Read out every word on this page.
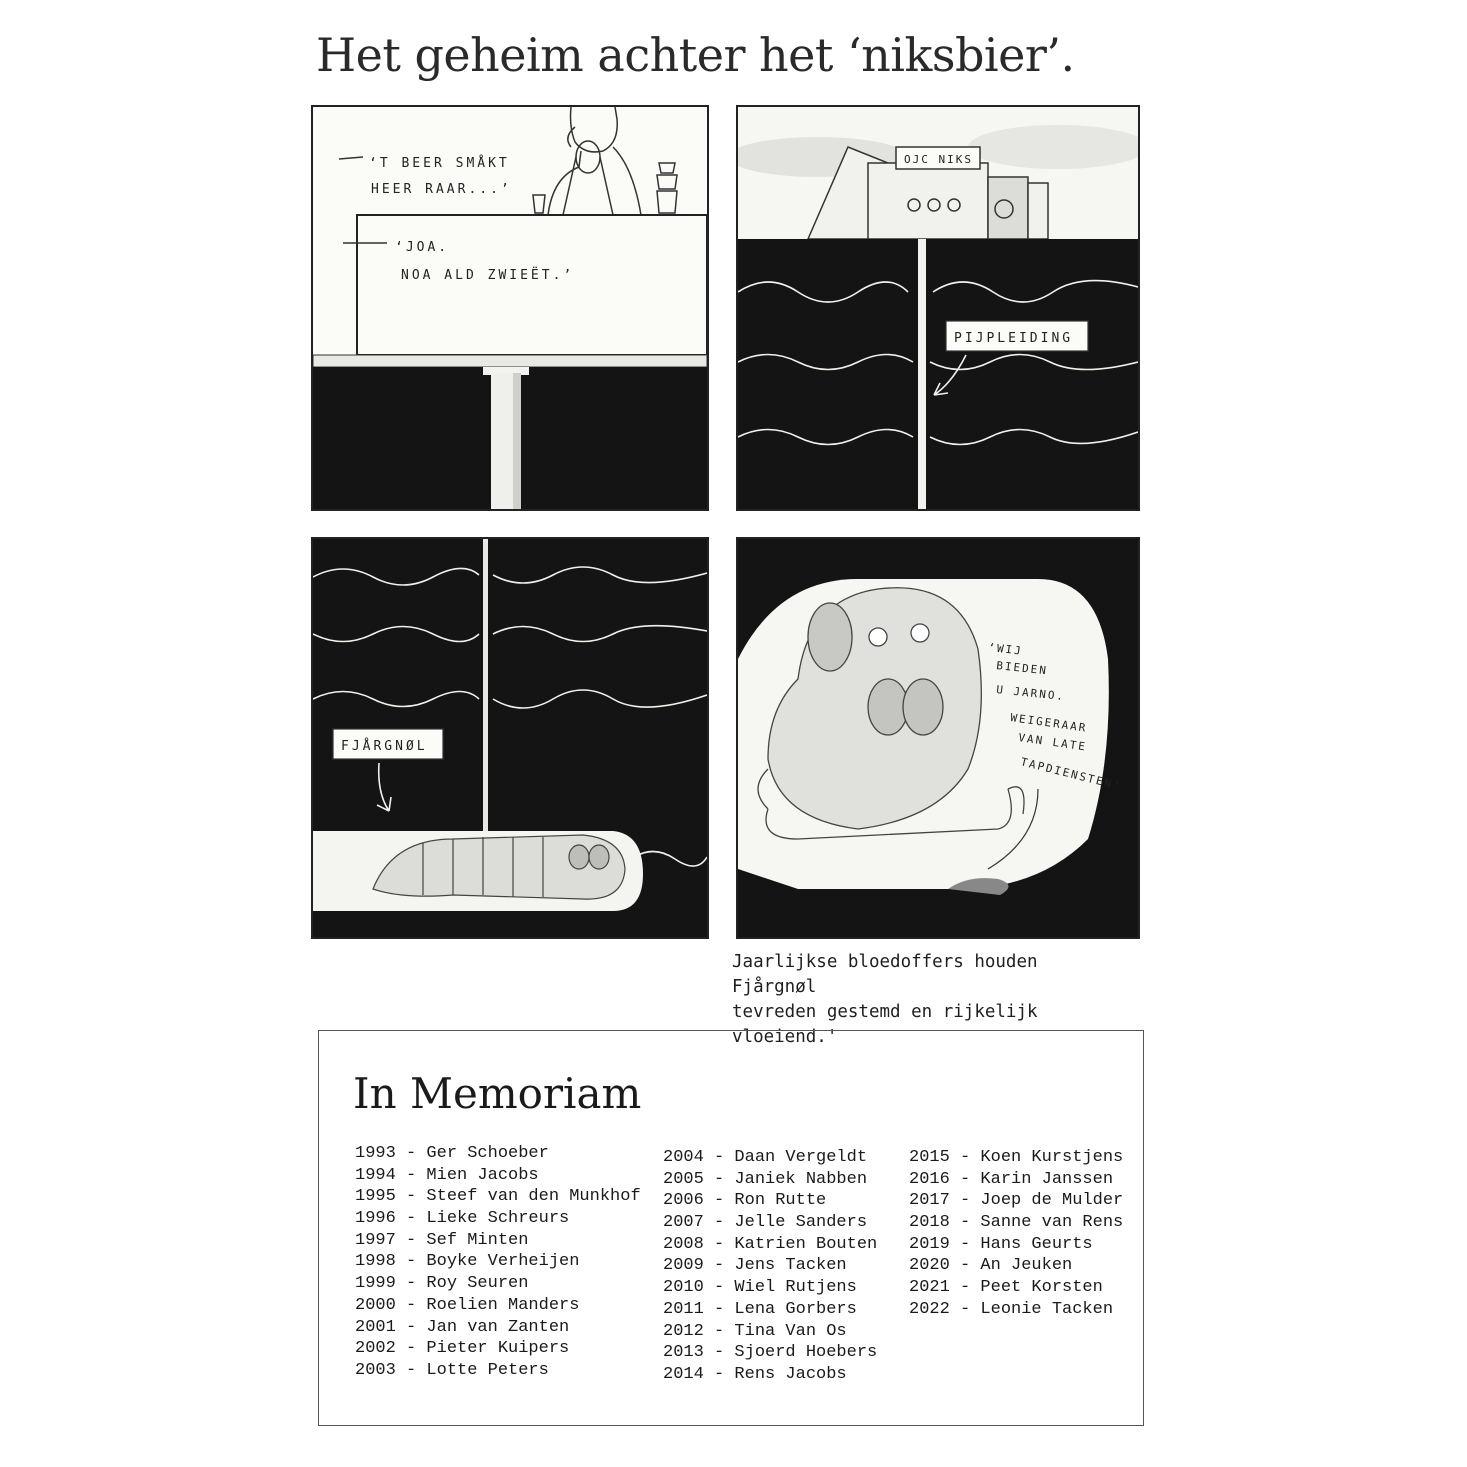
Het geheim achter het ‘niksbier’.
‘T BEER SMÅKT
HEER RAAR...’
‘JOA.
NOA ALD ZWIEËT.’
OJC NIKS
PIJPLEIDING
FJÅRGNØL
‘WIJ
BIEDEN
U JARNO.
WEIGERAAR
VAN LATE
TAPDIENSTEN’
Jaarlijkse bloedoffers houden Fjårgnøl
tevreden gestemd en rijkelijk vloeiend.'
In Memoriam
1993 - Ger Schoeber
1994 - Mien Jacobs
1995 - Steef van den Munkhof
1996 - Lieke Schreurs
1997 - Sef Minten
1998 - Boyke Verheijen
1999 - Roy Seuren
2000 - Roelien Manders
2001 - Jan van Zanten
2002 - Pieter Kuipers
2003 - Lotte Peters
2004 - Daan Vergeldt
2005 - Janiek Nabben
2006 - Ron Rutte
2007 - Jelle Sanders
2008 - Katrien Bouten
2009 - Jens Tacken
2010 - Wiel Rutjens
2011 - Lena Gorbers
2012 - Tina Van Os
2013 - Sjoerd Hoebers
2014 - Rens Jacobs
2015 - Koen Kurstjens
2016 - Karin Janssen
2017 - Joep de Mulder
2018 - Sanne van Rens
2019 - Hans Geurts
2020 - An Jeuken
2021 - Peet Korsten
2022 - Leonie Tacken
